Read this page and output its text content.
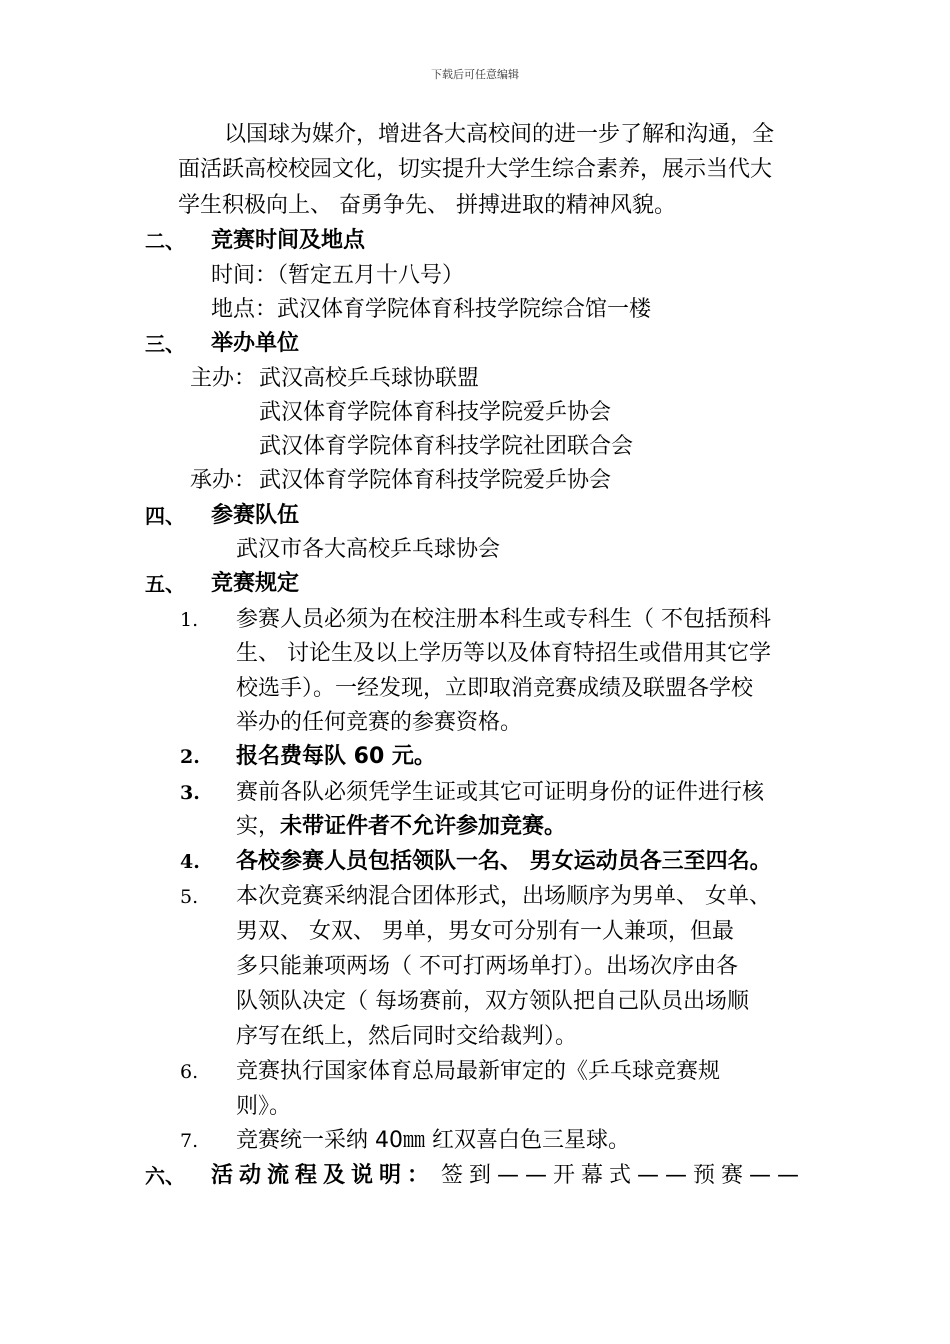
下载后可任意编辑

以国球为媒介，增进各大高校间的进一步了解和沟通，全
面活跃高校校园文化，切实提升大学生综合素养，展示当代大
学生积极向上、 奋勇争先、 拼搏进取的精神风貌。
二、 竞赛时间及地点
时间：（暂定五月十八号）
地点：武汉体育学院体育科技学院综合馆一楼
三、 举办单位
主办： 武汉高校乒乓球协联盟
武汉体育学院体育科技学院爱乒协会
武汉体育学院体育科技学院社团联合会
承办： 武汉体育学院体育科技学院爱乒协会
四、 参赛队伍
武汉市各大高校乒乓球协会
五、 竞赛规定
1. 参赛人员必须为在校注册本科生或专科生（ 不包括预科
生、 讨论生及以上学历等以及体育特招生或借用其它学
校选手）。一经发现，立即取消竞赛成绩及联盟各学校
举办的任何竞赛的参赛资格。
2. 报名费每队 60 元。
3. 赛前各队必须凭学生证或其它可证明身份的证件进行核
实，未带证件者不允许参加竞赛。
4. 各校参赛人员包括领队一名、 男女运动员各三至四名。
5. 本次竞赛采纳混合团体形式，出场顺序为男单、 女单、
男双、 女双、 男单，男女可分别有一人兼项，但最
多只能兼项两场（ 不可打两场单打）。出场次序由各
队领队决定（ 每场赛前，双方领队把自己队员出场顺
序写在纸上，然后同时交给裁判）。
6. 竞赛执行国家体育总局最新审定的《乒乓球竞赛规
则》。
7. 竞赛统一采纳 40㎜ 红双喜白色三星球。
六、 活动流程及说明： 签到——开幕式——预赛——
